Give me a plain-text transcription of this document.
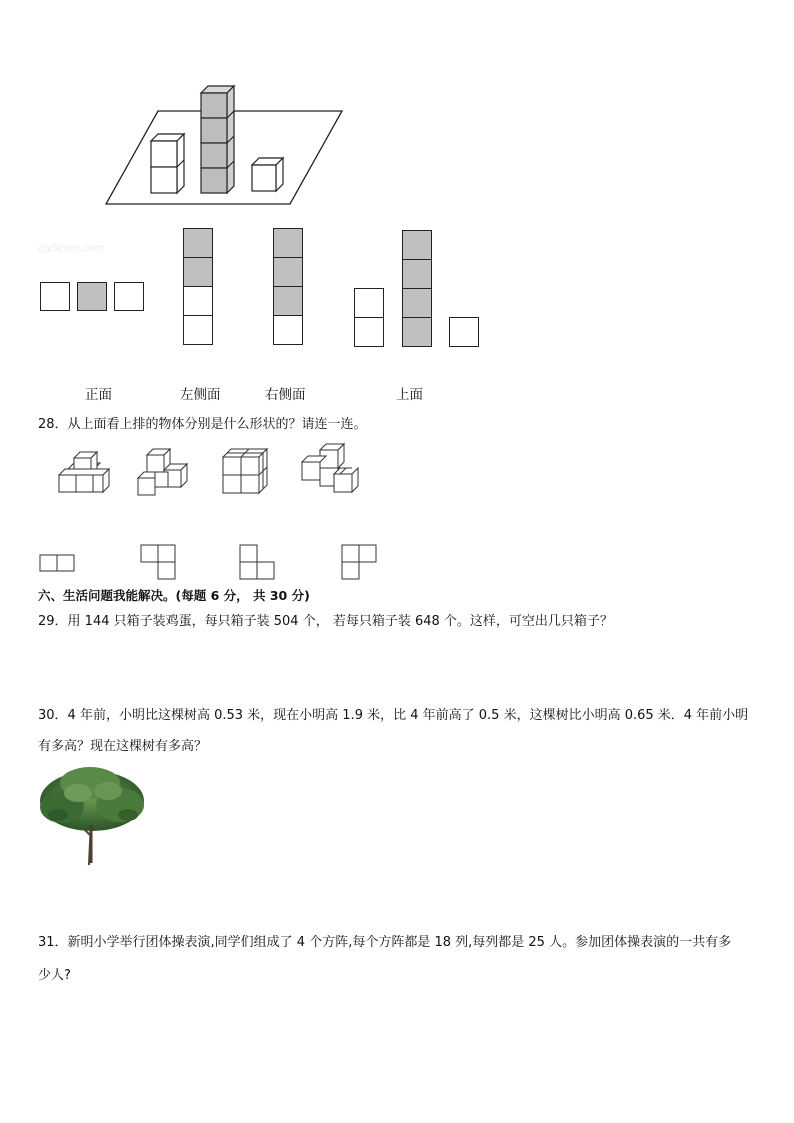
zjy5com.com
正面	左侧面	右侧面	上面
28．从上面看上排的物体分别是什么形状的？请连一连。
六、生活问题我能解决。(每题 6 分， 共 30 分)
29．用 144 只箱子装鸡蛋，每只箱子装 504 个， 若每只箱子装 648 个。这样，可空出几只箱子？
30．4 年前，小明比这棵树高 0.53 米，现在小明高 1.9 米，比 4 年前高了 0.5 米，这棵树比小明高 0.65 米．4 年前小明
有多高？现在这棵树有多高？
31．新明小学举行团体操表演,同学们组成了 4 个方阵,每个方阵都是 18 列,每列都是 25 人。参加团体操表演的一共有多
少人?
